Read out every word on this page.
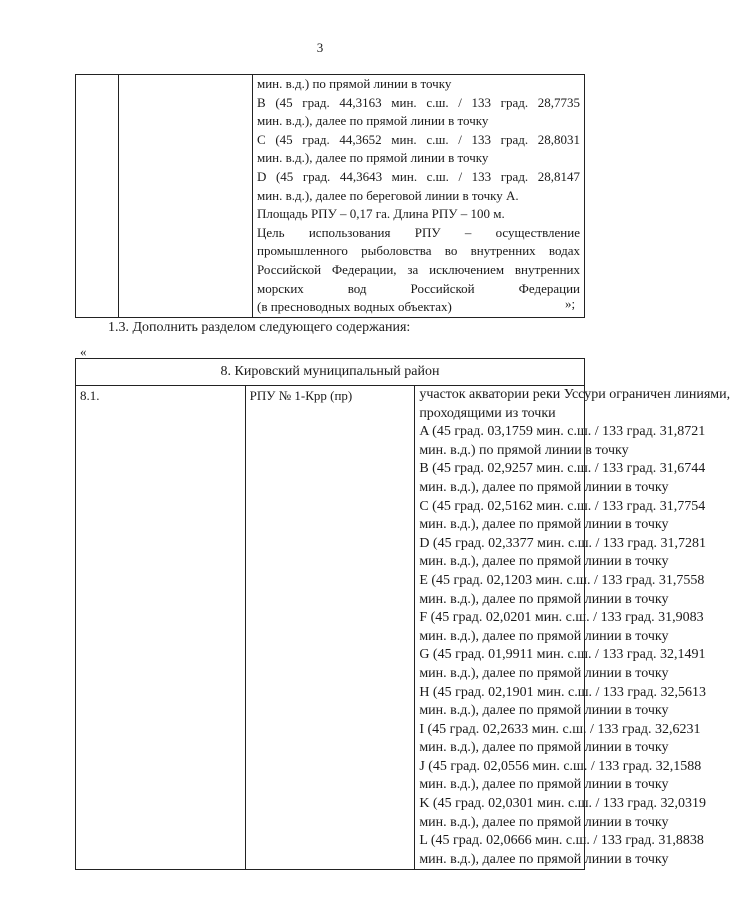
3

мин. в.д.) по прямой линии в точку
B (45 град. 44,3163 мин. с.ш. / 133 град. 28,7735
мин. в.д.), далее по прямой линии в точку
C (45 град. 44,3652 мин. с.ш. / 133 град. 28,8031
мин. в.д.), далее по прямой линии в точку
D (45 град. 44,3643 мин. с.ш. / 133 град. 28,8147
мин. в.д.), далее по береговой линии в точку А.
Площадь РПУ – 0,17 га. Длина РПУ – 100 м.
Цель использования РПУ – осуществление
промышленного рыболовства во внутренних водах
Российской Федерации, за исключением внутренних
морских вод Российской Федерации
(в пресноводных водных объектах)	»;
1.3. Дополнить разделом следующего содержания:
«
8. Кировский муниципальный район
8.1.	РПУ № 1-Крр (пр)	участок акватории реки Уссури ограничен линиями,
проходящими из точки
A (45 град. 03,1759 мин. с.ш. / 133 град. 31,8721
мин. в.д.) по прямой линии в точку
B (45 град. 02,9257 мин. с.ш. / 133 град. 31,6744
мин. в.д.), далее по прямой линии в точку
C (45 град. 02,5162 мин. с.ш. / 133 град. 31,7754
мин. в.д.), далее по прямой линии в точку
D (45 град. 02,3377 мин. с.ш. / 133 град. 31,7281
мин. в.д.), далее по прямой линии в точку
E (45 град. 02,1203 мин. с.ш. / 133 град. 31,7558
мин. в.д.), далее по прямой линии в точку
F (45 град. 02,0201 мин. с.ш. / 133 град. 31,9083
мин. в.д.), далее по прямой линии в точку
G (45 град. 01,9911 мин. с.ш. / 133 град. 32,1491
мин. в.д.), далее по прямой линии в точку
H (45 град. 02,1901 мин. с.ш. / 133 град. 32,5613
мин. в.д.), далее по прямой линии в точку
I (45 град. 02,2633 мин. с.ш. / 133 град. 32,6231
мин. в.д.), далее по прямой линии в точку
J (45 град. 02,0556 мин. с.ш. / 133 град. 32,1588
мин. в.д.), далее по прямой линии в точку
K (45 град. 02,0301 мин. с.ш. / 133 град. 32,0319
мин. в.д.), далее по прямой линии в точку
L (45 град. 02,0666 мин. с.ш. / 133 град. 31,8838
мин. в.д.), далее по прямой линии в точку
